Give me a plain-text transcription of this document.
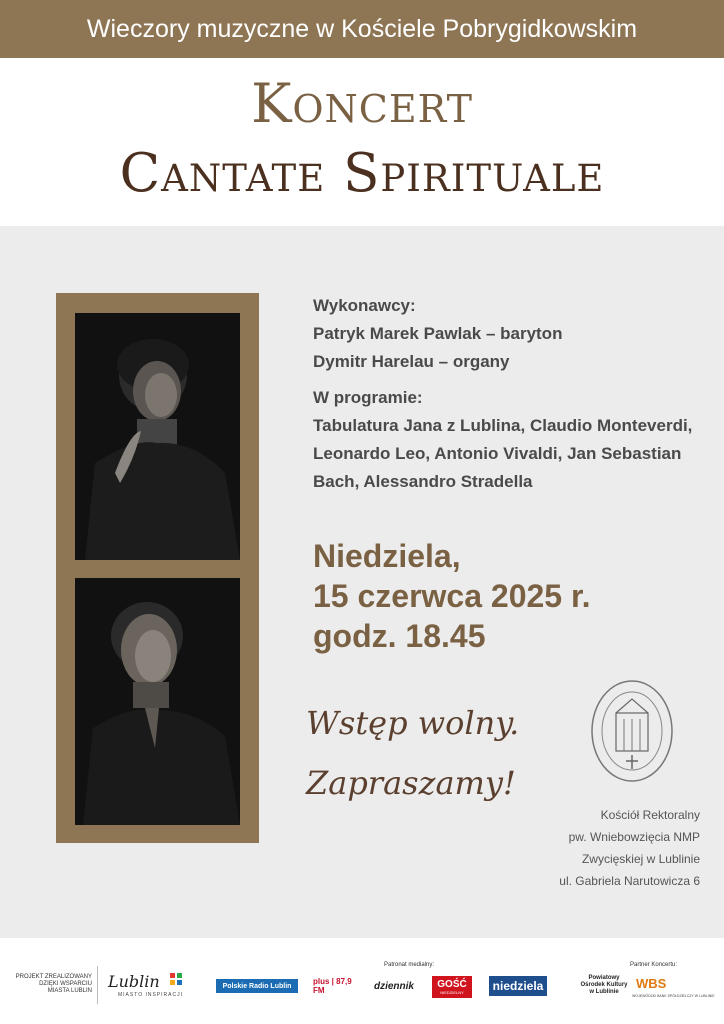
Wieczory muzyczne w Kościele Pobrygidkowskim
Koncert
Cantate Spirituale
Wykonawcy:
Patryk Marek Pawlak – baryton
Dymitr Harelau – organy
W programie:
Tabulatura Jana z Lublina, Claudio Monteverdi,
Leonardo Leo, Antonio Vivaldi, Jan Sebastian
Bach, Alessandro Stradella
Niedziela,
15 czerwca 2025 r.
godz. 18.45
Wstęp wolny.
Zapraszamy!
Kościół Rektoralny
pw. Wniebowzięcia NMP
Zwycięskiej w Lublinie
ul. Gabriela Narutowicza 6
PROJEKT ZREALIZOWANY
DZIĘKI WSPARCIU
MIASTA LUBLIN Lublin
MIASTO INSPIRACJI
Patronat medialny:	Partner Koncertu:
Polskie Radio Lublin	plus | 87,9 FM	dziennik	GOŚĆ
NIEDZIELNY	niedziela
Powiatowy
Ośrodek Kultury
w Lublinie
WBS
WOJEWÓDZKI BANK SPÓŁDZIELCZY W LUBLINIE
